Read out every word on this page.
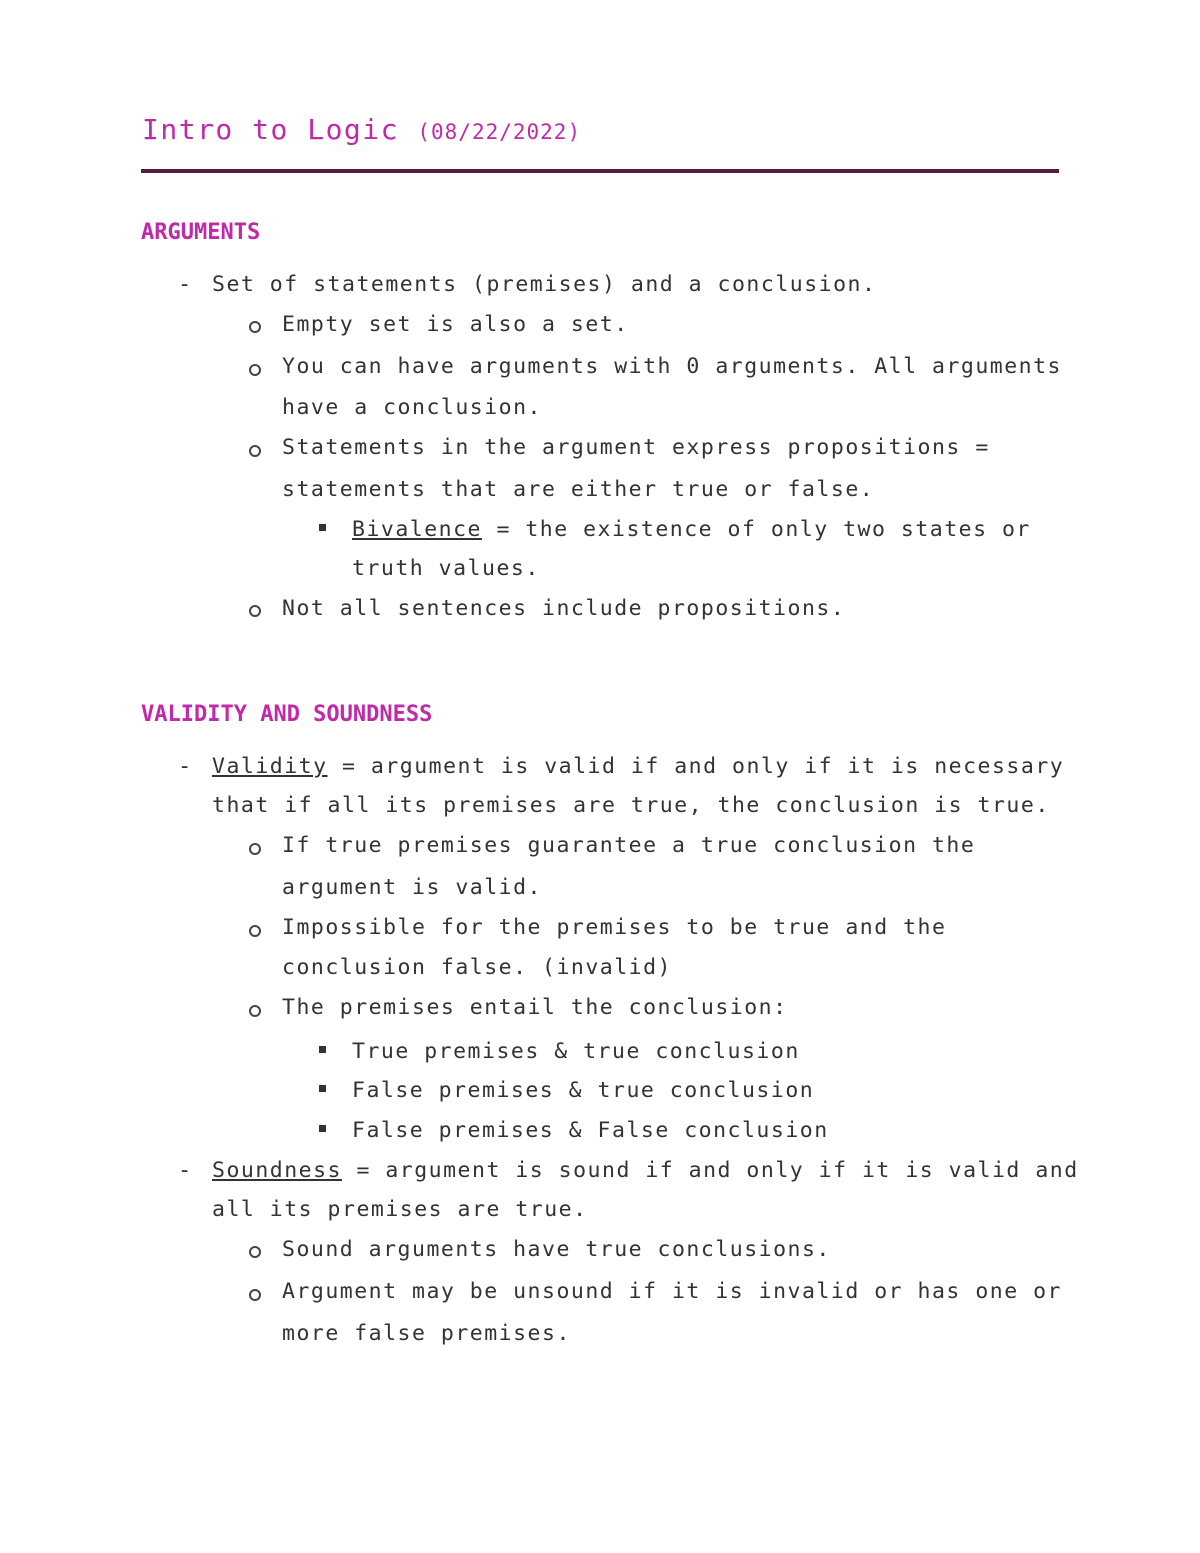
Intro to Logic (08/22/2022)
ARGUMENTS
- Set of statements (premises) and a conclusion.
Empty set is also a set.
You can have arguments with 0 arguments. All arguments
have a conclusion.
Statements in the argument express propositions =
statements that are either true or false.
Bivalence = the existence of only two states or
truth values.
Not all sentences include propositions.
VALIDITY AND SOUNDNESS
- Validity = argument is valid if and only if it is necessary
that if all its premises are true, the conclusion is true.
If true premises guarantee a true conclusion the
argument is valid.
Impossible for the premises to be true and the
conclusion false. (invalid)
The premises entail the conclusion:
True premises & true conclusion
False premises & true conclusion
False premises & False conclusion
- Soundness = argument is sound if and only if it is valid and
all its premises are true.
Sound arguments have true conclusions.
Argument may be unsound if it is invalid or has one or
more false premises.
